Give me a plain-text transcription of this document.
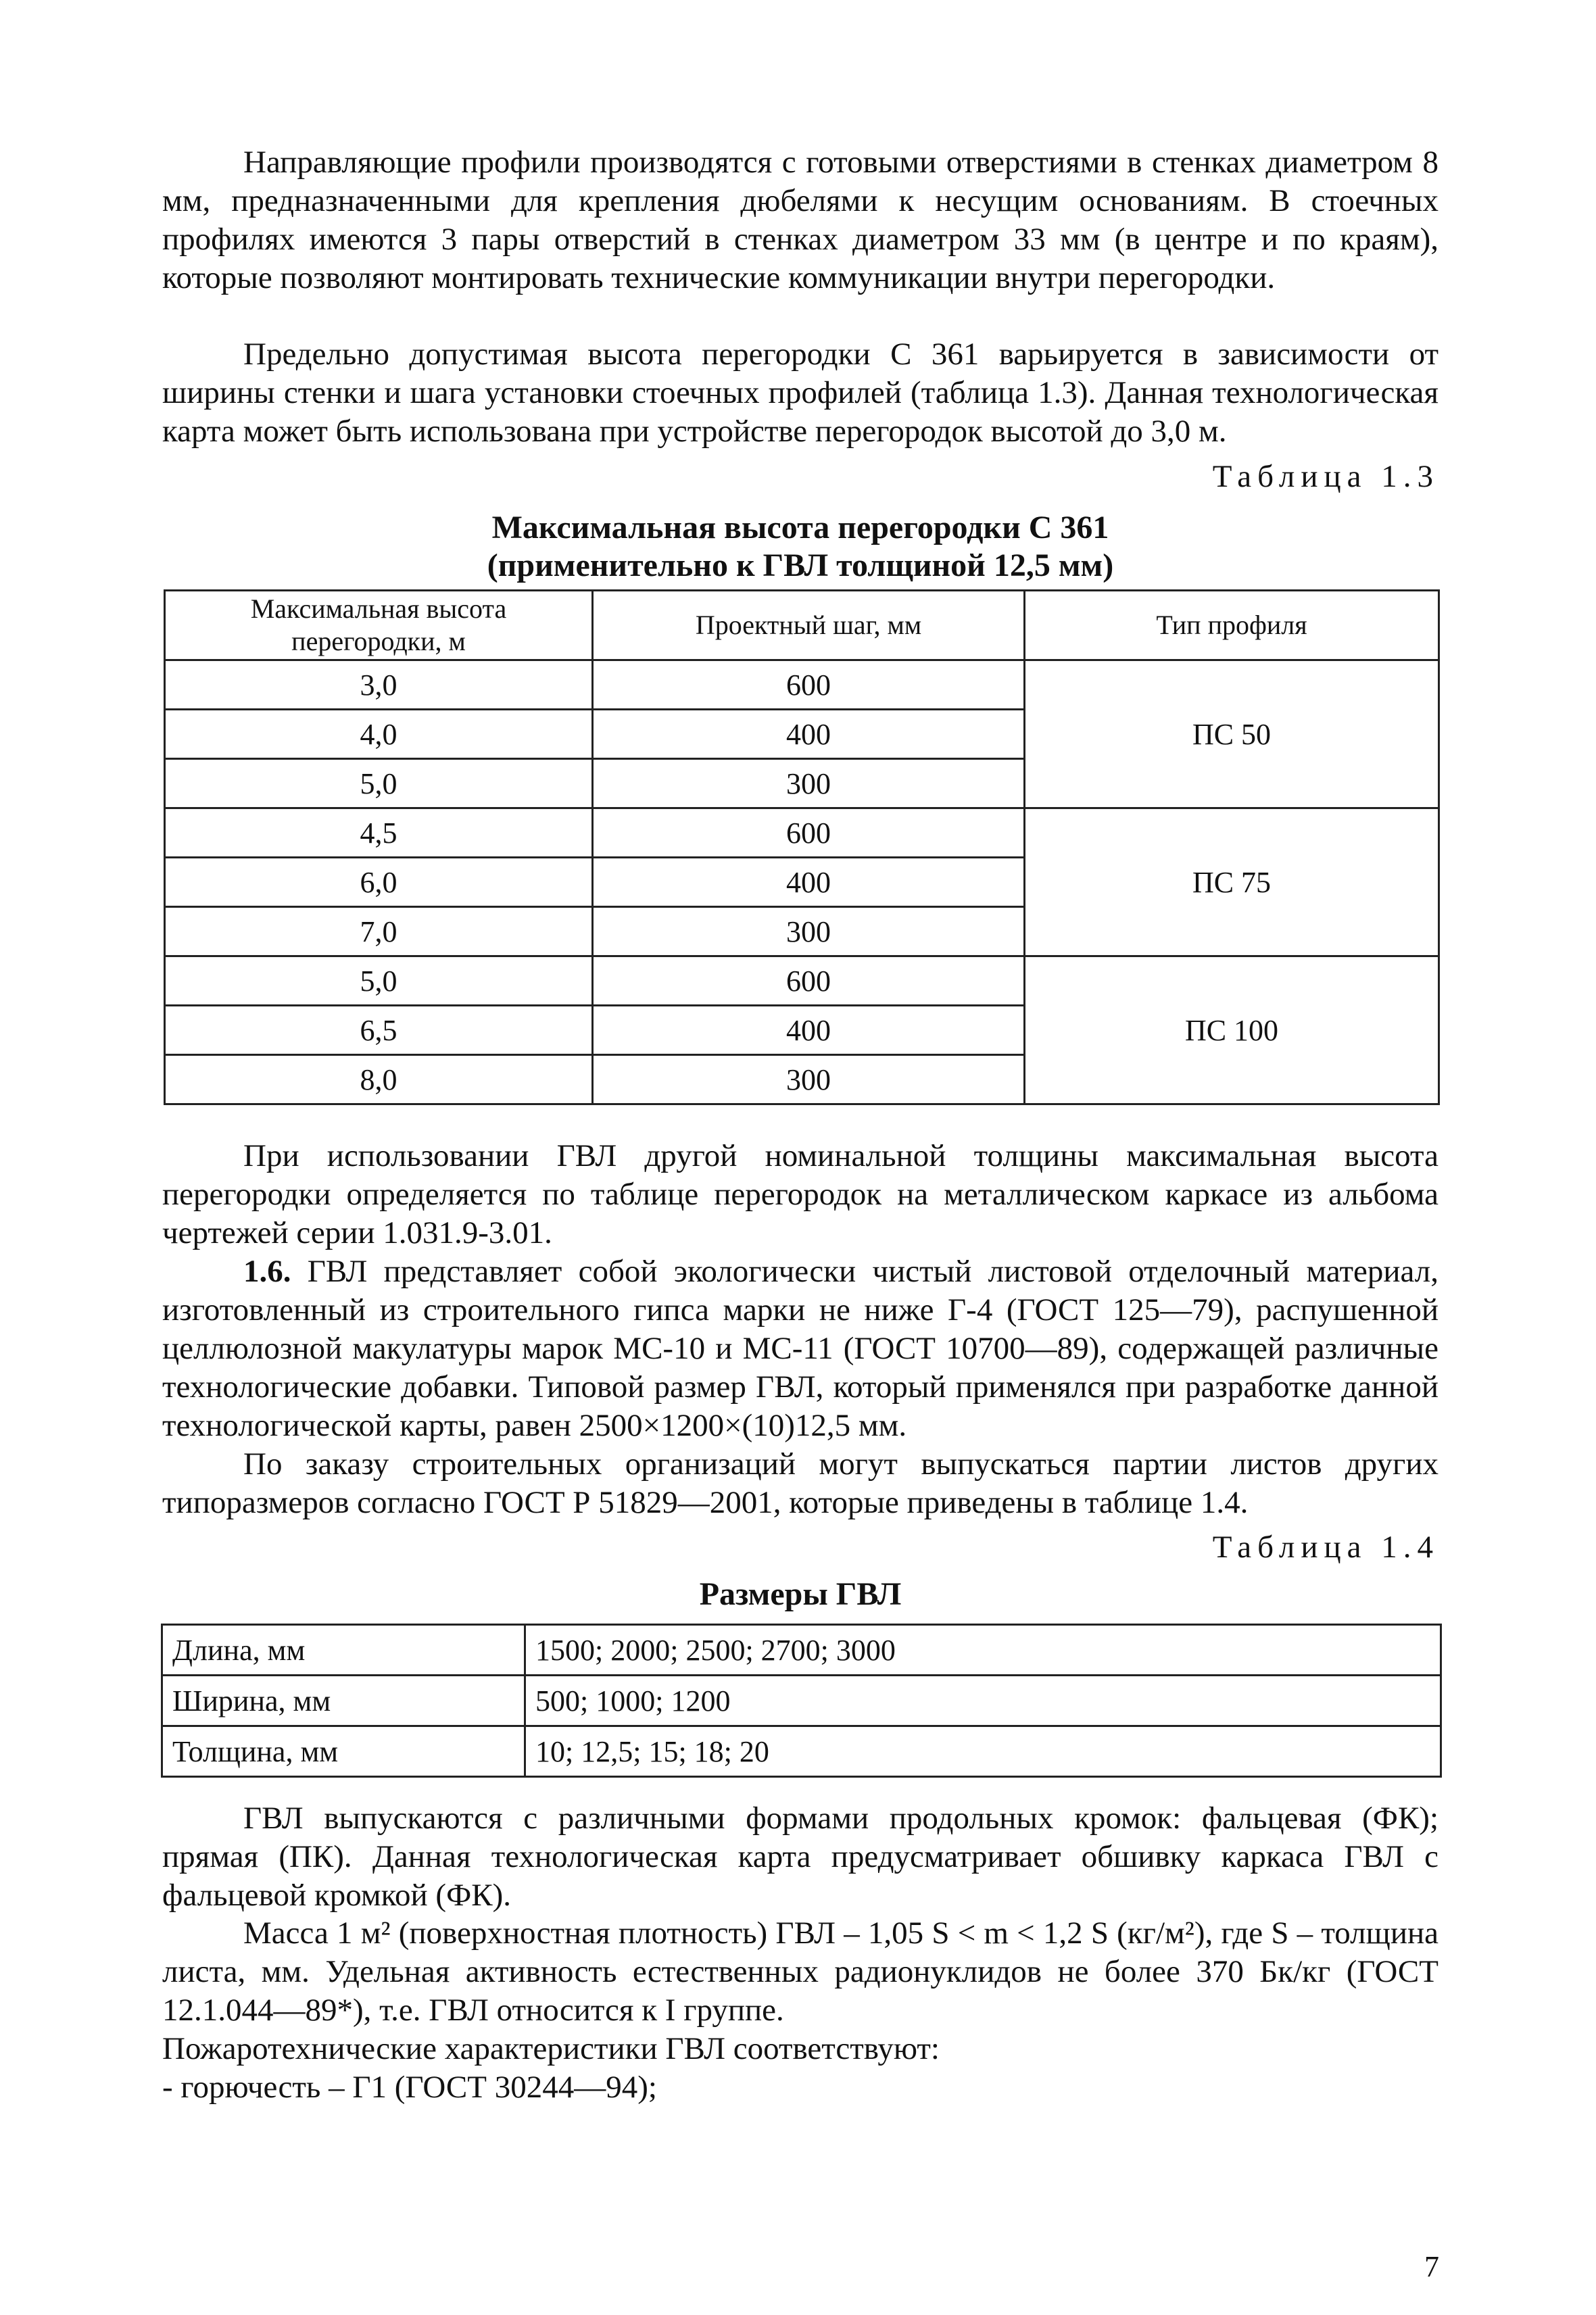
Направляющие профили производятся с готовыми отверстиями в стенках диаметром 8 мм, предназначенными для крепления дюбелями к несущим основаниям. В стоечных профилях имеются 3 пары отверстий в стенках диаметром 33 мм (в центре и по краям), которые позволяют монтировать технические коммуникации внутри перегородки.

Предельно допустимая высота перегородки С 361 варьируется в зависимости от ширины стенки и шага установки стоечных профилей (таблица 1.3). Данная технологическая карта может быть использована при устройстве перегородок высотой до 3,0 м.

Таблица 1.3

Максимальная высота перегородки С 361

(применительно к ГВЛ толщиной 12,5 мм)

Максимальная высота
перегородки, м	Проектный шаг, мм	Тип профиля
3,0	600	ПС 50
4,0	400	
5,0	300	
4,5	600	ПС 75
6,0	400	
7,0	300	
5,0	600	ПС 100
6,5	400	
8,0	300	

При использовании ГВЛ другой номинальной толщины максимальная высота перегородки определяется по таблице перегородок на металлическом каркасе из альбома чертежей серии 1.031.9-3.01.

1.6. ГВЛ представляет собой экологически чистый листовой отделочный материал, изготовленный из строительного гипса марки не ниже Г-4 (ГОСТ 125—79), распушенной целлюлозной макулатуры марок МС-10 и МС-11 (ГОСТ 10700—89), содержащей различные технологические добавки. Типовой размер ГВЛ, который применялся при разработке данной технологической карты, равен 2500×1200×(10)12,5 мм.

По заказу строительных организаций могут выпускаться партии листов других типоразмеров согласно ГОСТ Р 51829—2001, которые приведены в таблице 1.4.

Таблица 1.4

Размеры ГВЛ

Длина, мм	1500; 2000; 2500; 2700; 3000
Ширина, мм	500; 1000; 1200
Толщина, мм	10; 12,5; 15; 18; 20

ГВЛ выпускаются с различными формами продольных кромок: фальцевая (ФК); прямая (ПК). Данная технологическая карта предусматривает обшивку каркаса ГВЛ с фальцевой кромкой (ФК).

Масса 1 м² (поверхностная плотность) ГВЛ – 1,05 S < m < 1,2 S (кг/м²), где S – толщина листа, мм. Удельная активность естественных радионуклидов не более 370 Бк/кг (ГОСТ 12.1.044—89*), т.е. ГВЛ относится к I группе.

Пожаротехнические характеристики ГВЛ соответствуют:

- горючесть – Г1 (ГОСТ 30244—94);

7
